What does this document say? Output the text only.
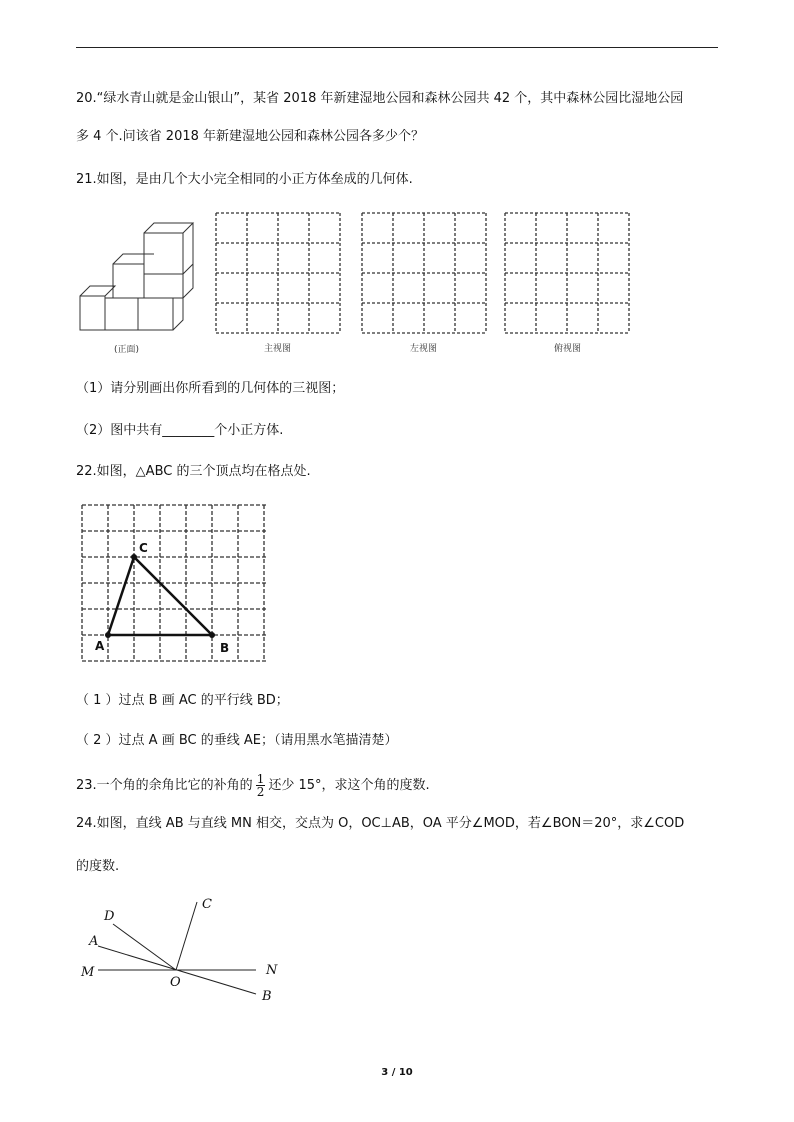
20.“绿水青山就是金山银山”，某省 2018 年新建湿地公园和森林公园共 42 个，其中森林公园比湿地公园
多 4 个.问该省 2018 年新建湿地公园和森林公园各多少个？
21.如图，是由几个大小完全相同的小正方体垒成的几何体.
(正面)	主视图	左视图	俯视图
（1）请分别画出你所看到的几何体的三视图；
（2）图中共有________个小正方体.
22.如图，△ABC 的三个顶点均在格点处.
A	B
C
（ 1 ）过点 B 画 AC 的平行线 BD；
（ 2 ）过点 A 画 BC 的垂线 AE；（请用黑水笔描清楚）
23.一个角的余角比它的补角的 $\frac{1}{2}$ 还少 15°，求这个角的度数.
24.如图，直线 AB 与直线 MN 相交，交点为 O，OC⊥AB，OA 平分∠MOD，若∠BON＝20°，求∠COD
的度数.
D
C
A
M
O
N
B
3 / 10
